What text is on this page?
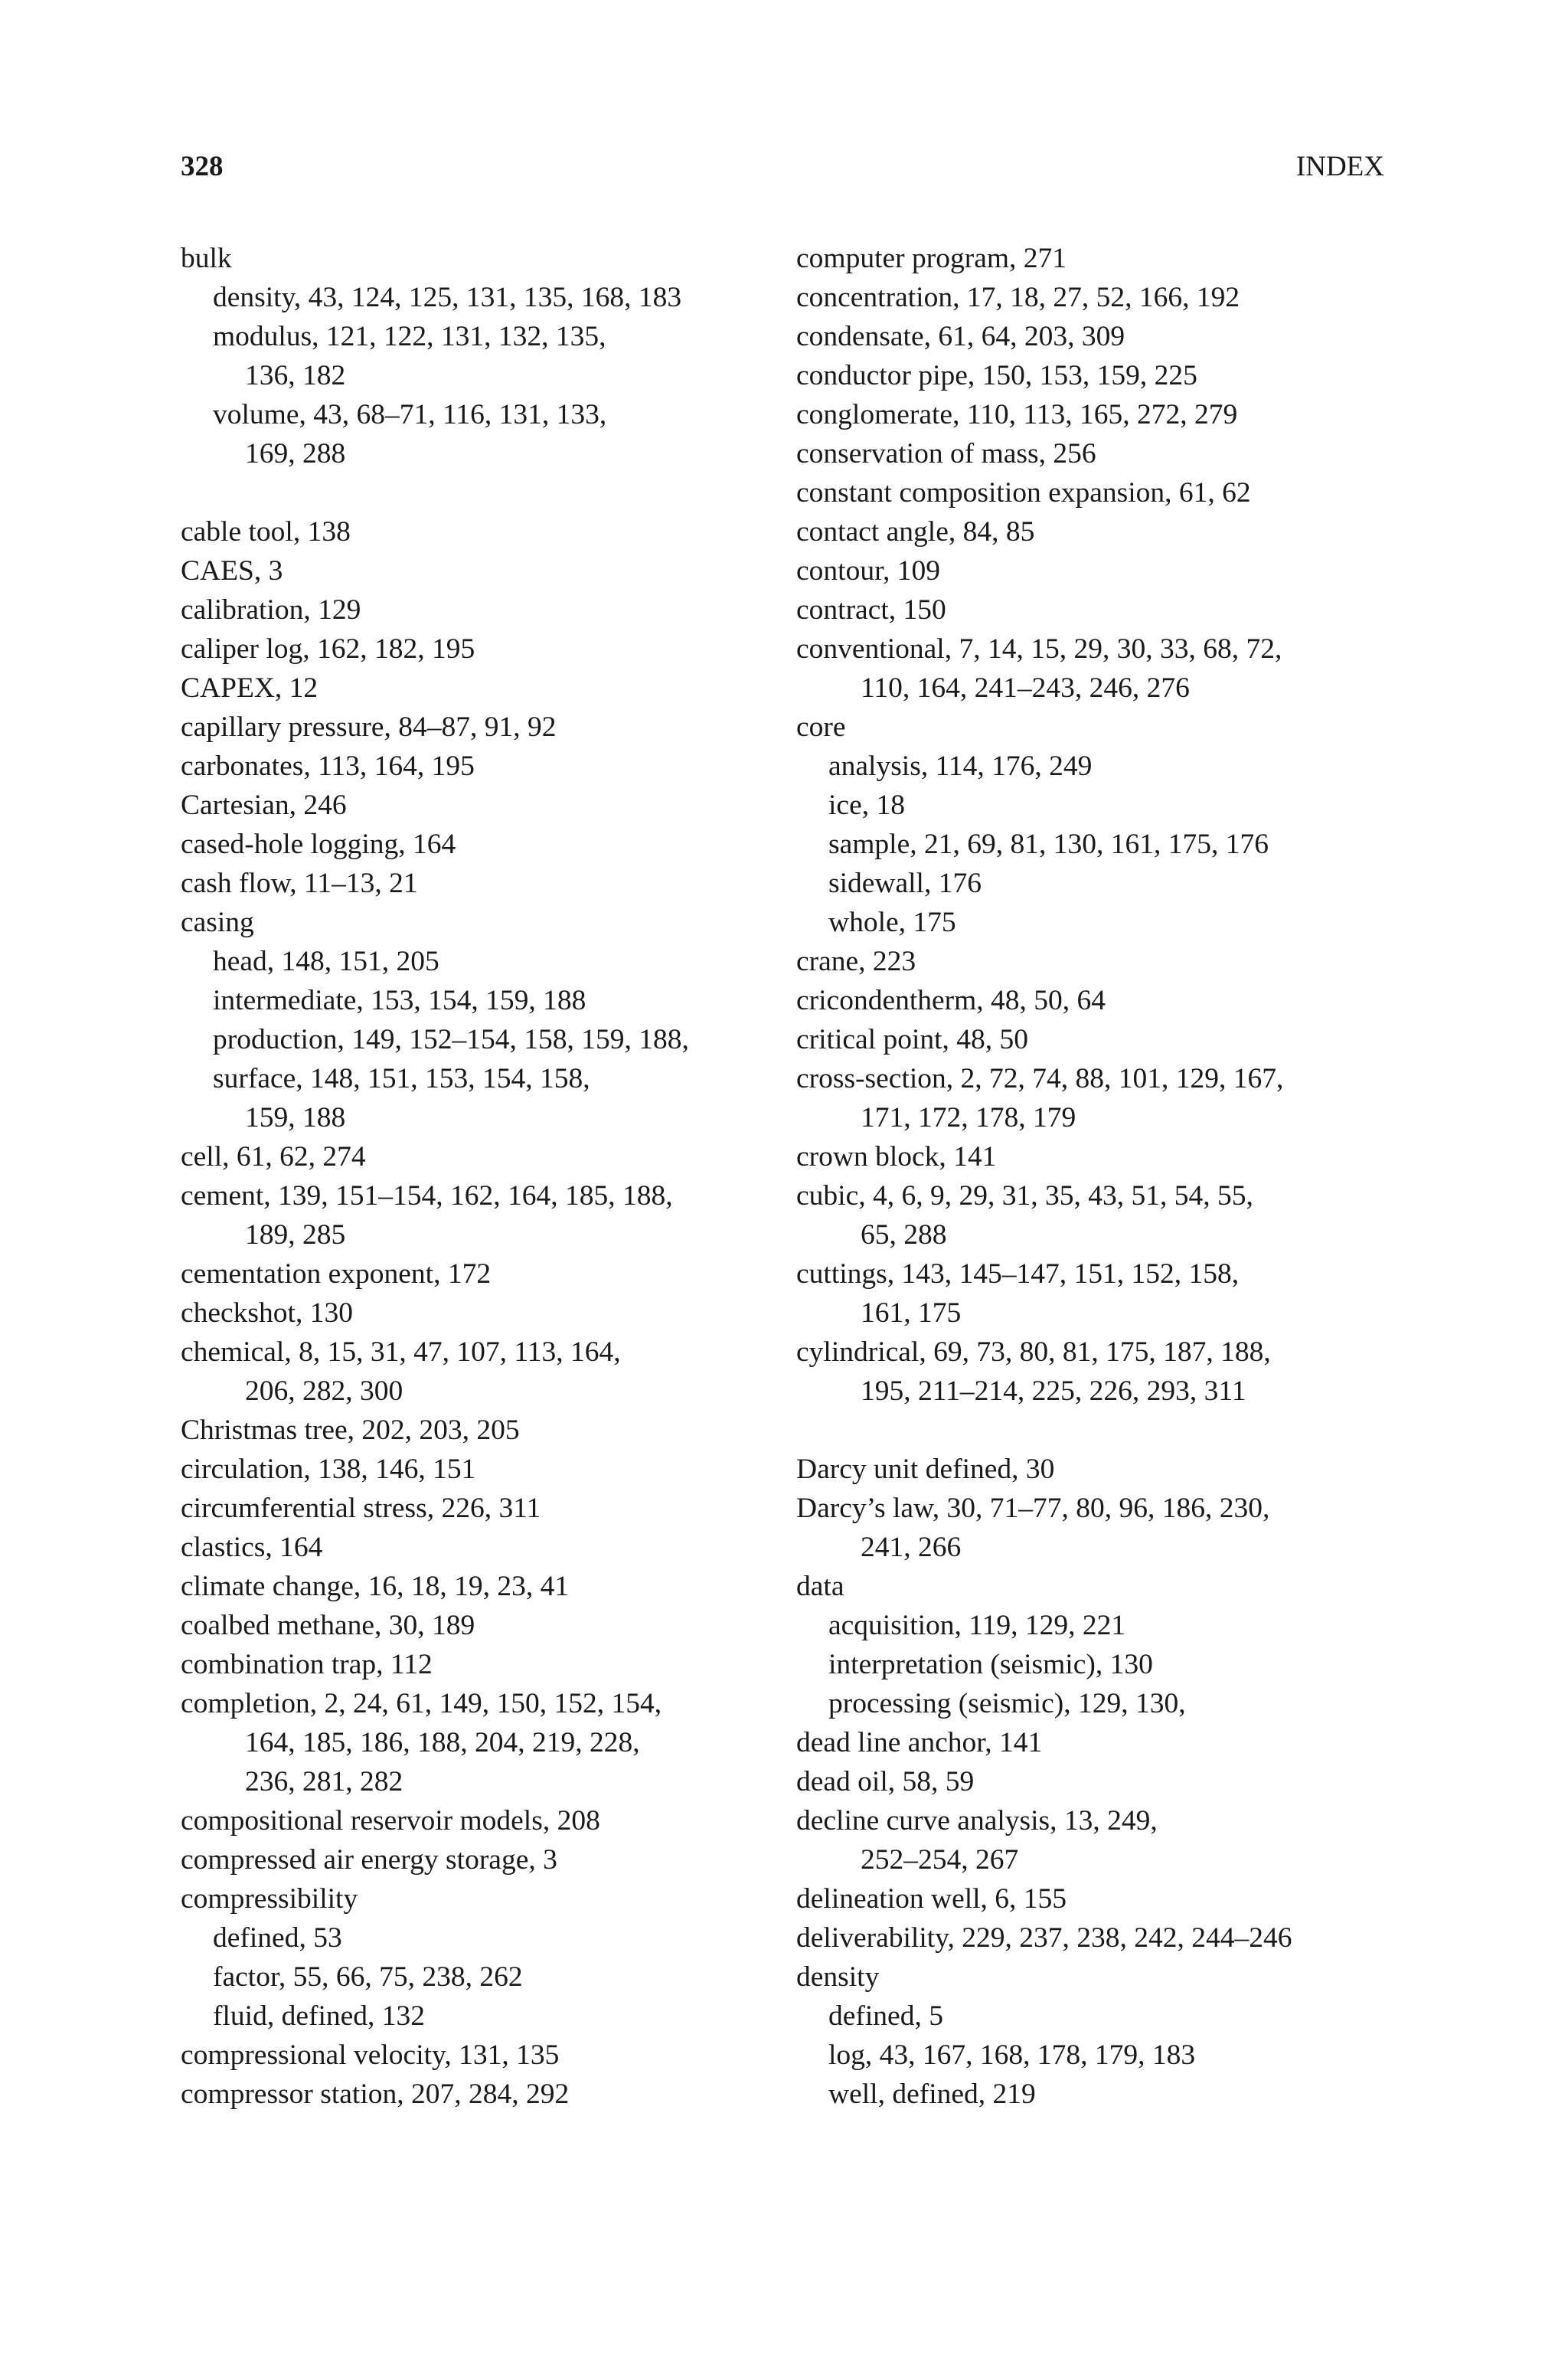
328	INDEX
bulk
density, 43, 124, 125, 131, 135, 168, 183
modulus, 121, 122, 131, 132, 135,
136, 182
volume, 43, 68–71, 116, 131, 133,
169, 288
cable tool, 138
CAES, 3
calibration, 129
caliper log, 162, 182, 195
CAPEX, 12
capillary pressure, 84–87, 91, 92
carbonates, 113, 164, 195
Cartesian, 246
cased-hole logging, 164
cash flow, 11–13, 21
casing
head, 148, 151, 205
intermediate, 153, 154, 159, 188
production, 149, 152–154, 158, 159, 188,
surface, 148, 151, 153, 154, 158,
159, 188
cell, 61, 62, 274
cement, 139, 151–154, 162, 164, 185, 188,
189, 285
cementation exponent, 172
checkshot, 130
chemical, 8, 15, 31, 47, 107, 113, 164,
206, 282, 300
Christmas tree, 202, 203, 205
circulation, 138, 146, 151
circumferential stress, 226, 311
clastics, 164
climate change, 16, 18, 19, 23, 41
coalbed methane, 30, 189
combination trap, 112
completion, 2, 24, 61, 149, 150, 152, 154,
164, 185, 186, 188, 204, 219, 228,
236, 281, 282
compositional reservoir models, 208
compressed air energy storage, 3
compressibility
defined, 53
factor, 55, 66, 75, 238, 262
fluid, defined, 132
compressional velocity, 131, 135
compressor station, 207, 284, 292
computer program, 271
concentration, 17, 18, 27, 52, 166, 192
condensate, 61, 64, 203, 309
conductor pipe, 150, 153, 159, 225
conglomerate, 110, 113, 165, 272, 279
conservation of mass, 256
constant composition expansion, 61, 62
contact angle, 84, 85
contour, 109
contract, 150
conventional, 7, 14, 15, 29, 30, 33, 68, 72,
110, 164, 241–243, 246, 276
core
analysis, 114, 176, 249
ice, 18
sample, 21, 69, 81, 130, 161, 175, 176
sidewall, 176
whole, 175
crane, 223
cricondentherm, 48, 50, 64
critical point, 48, 50
cross-section, 2, 72, 74, 88, 101, 129, 167,
171, 172, 178, 179
crown block, 141
cubic, 4, 6, 9, 29, 31, 35, 43, 51, 54, 55,
65, 288
cuttings, 143, 145–147, 151, 152, 158,
161, 175
cylindrical, 69, 73, 80, 81, 175, 187, 188,
195, 211–214, 225, 226, 293, 311
Darcy unit defined, 30
Darcy’s law, 30, 71–77, 80, 96, 186, 230,
241, 266
data
acquisition, 119, 129, 221
interpretation (seismic), 130
processing (seismic), 129, 130,
dead line anchor, 141
dead oil, 58, 59
decline curve analysis, 13, 249,
252–254, 267
delineation well, 6, 155
deliverability, 229, 237, 238, 242, 244–246
density
defined, 5
log, 43, 167, 168, 178, 179, 183
well, defined, 219
